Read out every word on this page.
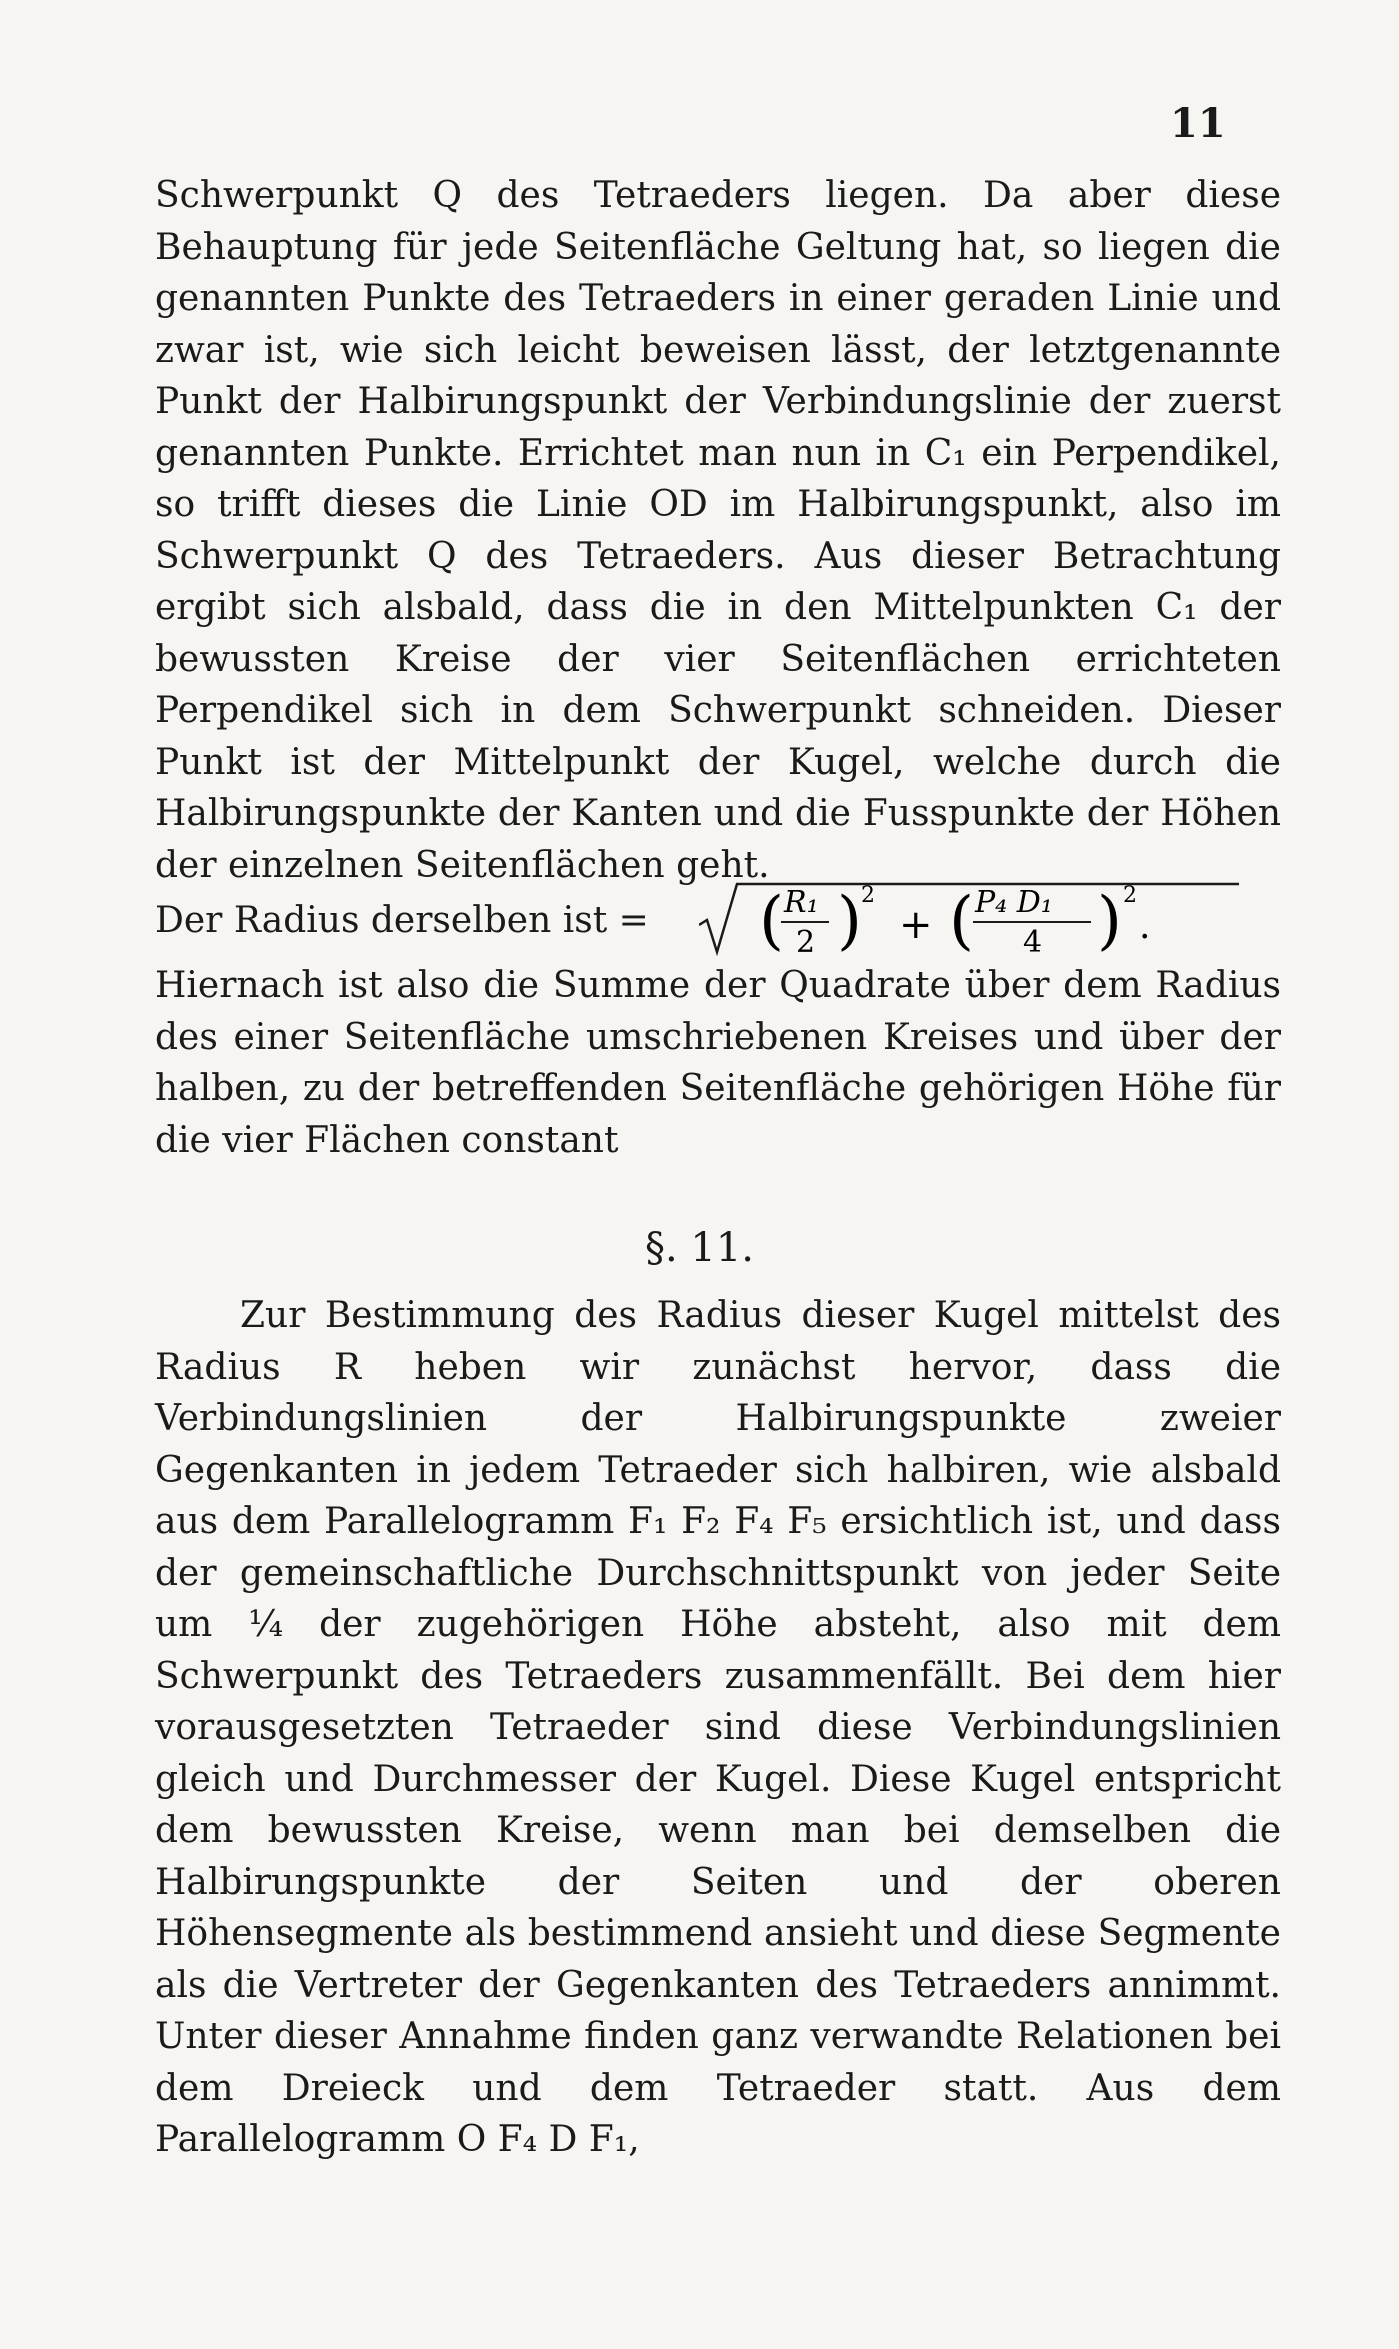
11

Schwerpunkt Q des Tetraeders liegen. Da aber diese Behauptung für jede Seitenfläche Geltung hat, so liegen die genannten Punkte des Tetraeders in einer geraden Linie und zwar ist, wie sich leicht beweisen lässt, der letztgenannte Punkt der Halbirungspunkt der Verbindungslinie der zuerst genannten Punkte. Errichtet man nun in C₁ ein Perpendikel, so trifft dieses die Linie OD im Halbirungspunkt, also im Schwerpunkt Q des Tetraeders. Aus dieser Betrachtung ergibt sich alsbald, dass die in den Mittelpunkten C₁ der bewussten Kreise der vier Seitenflächen errichteten Perpendikel sich in dem Schwerpunkt schneiden. Dieser Punkt ist der Mittelpunkt der Kugel, welche durch die Halbirungspunkte der Kanten und die Fusspunkte der Höhen der einzelnen Seitenflächen geht.

Der Radius derselben ist = ( R₁
2 ) 2
+ ( P₄ D₁
4 ) 2
.

Hiernach ist also die Summe der Quadrate über dem Radius des einer Seitenfläche umschriebenen Kreises und über der halben, zu der betreffenden Seitenfläche gehörigen Höhe für die vier Flächen constant

§. 11.

Zur Bestimmung des Radius dieser Kugel mittelst des Radius R heben wir zunächst hervor, dass die Verbindungslinien der Halbirungspunkte zweier Gegenkanten in jedem Tetraeder sich halbiren, wie alsbald aus dem Parallelogramm F₁ F₂ F₄ F₅ ersichtlich ist, und dass der gemeinschaftliche Durchschnittspunkt von jeder Seite um ¼ der zugehörigen Höhe absteht, also mit dem Schwerpunkt des Tetraeders zusammenfällt. Bei dem hier vorausgesetzten Tetraeder sind diese Verbindungslinien gleich und Durchmesser der Kugel. Diese Kugel entspricht dem bewussten Kreise, wenn man bei demselben die Halbirungspunkte der Seiten und der oberen Höhensegmente als bestimmend ansieht und diese Segmente als die Vertreter der Gegenkanten des Tetraeders annimmt. Unter dieser Annahme finden ganz verwandte Relationen bei dem Dreieck und dem Tetraeder statt. Aus dem Parallelogramm O F₄ D F₁,
